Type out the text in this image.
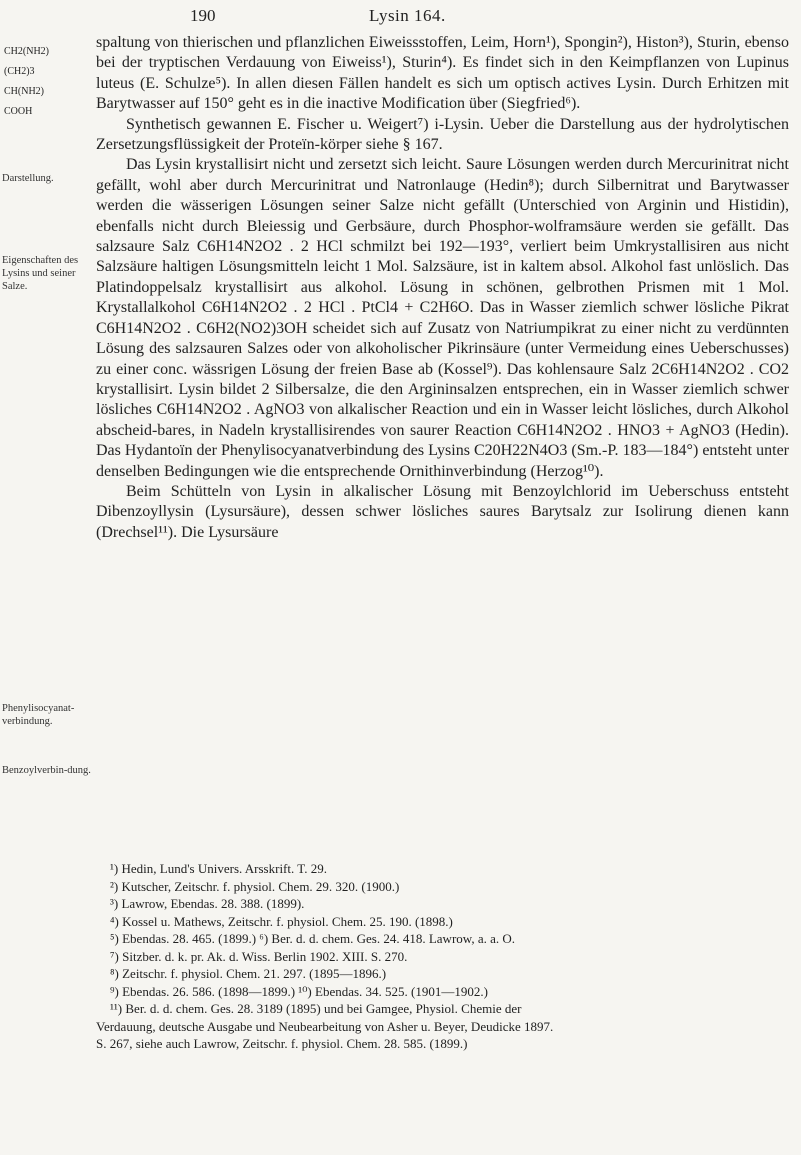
190	Lysin 164.
CH2(NH2)
(CH2)3
CH(NH2)
COOH
Darstellung.
Eigenschaften des Lysins und seiner Salze.
Phenylisocyanat-verbindung.
Benzoylverbin-dung.

spaltung von thierischen und pflanzlichen Eiweissstoffen, Leim, Horn¹), Spongin²), Histon³), Sturin, ebenso bei der tryptischen Verdauung von Eiweiss¹), Sturin⁴). Es findet sich in den Keimpflanzen von Lupinus luteus (E. Schulze⁵). In allen diesen Fällen handelt es sich um optisch actives Lysin. Durch Erhitzen mit Barytwasser auf 150° geht es in die inactive Modification über (Siegfried⁶).

Synthetisch gewannen E. Fischer u. Weigert⁷) i-Lysin. Ueber die Darstellung aus der hydrolytischen Zersetzungsflüssigkeit der Proteïn-körper siehe § 167.

Das Lysin krystallisirt nicht und zersetzt sich leicht. Saure Lösungen werden durch Mercurinitrat nicht gefällt, wohl aber durch Mercurinitrat und Natronlauge (Hedin⁸); durch Silbernitrat und Barytwasser werden die wässerigen Lösungen seiner Salze nicht gefällt (Unterschied von Arginin und Histidin), ebenfalls nicht durch Bleiessig und Gerbsäure, durch Phosphor-wolframsäure werden sie gefällt. Das salzsaure Salz C6H14N2O2 . 2 HCl schmilzt bei 192—193°, verliert beim Umkrystallisiren aus nicht Salzsäure haltigen Lösungsmitteln leicht 1 Mol. Salzsäure, ist in kaltem absol. Alkohol fast unlöslich. Das Platindoppelsalz krystallisirt aus alkohol. Lösung in schönen, gelbrothen Prismen mit 1 Mol. Krystallalkohol C6H14N2O2 . 2 HCl . PtCl4 + C2H6O. Das in Wasser ziemlich schwer lösliche Pikrat C6H14N2O2 . C6H2(NO2)3OH scheidet sich auf Zusatz von Natriumpikrat zu einer nicht zu verdünnten Lösung des salzsauren Salzes oder von alkoholischer Pikrinsäure (unter Vermeidung eines Ueberschusses) zu einer conc. wässrigen Lösung der freien Base ab (Kossel⁹). Das kohlensaure Salz 2C6H14N2O2 . CO2 krystallisirt. Lysin bildet 2 Silbersalze, die den Argininsalzen entsprechen, ein in Wasser ziemlich schwer lösliches C6H14N2O2 . AgNO3 von alkalischer Reaction und ein in Wasser leicht lösliches, durch Alkohol abscheid-bares, in Nadeln krystallisirendes von saurer Reaction C6H14N2O2 . HNO3 + AgNO3 (Hedin). Das Hydantoïn der Phenylisocyanatverbindung des Lysins C20H22N4O3 (Sm.-P. 183—184°) entsteht unter denselben Bedingungen wie die entsprechende Ornithinverbindung (Herzog¹⁰).

Beim Schütteln von Lysin in alkalischer Lösung mit Benzoylchlorid im Ueberschuss entsteht Dibenzoyllysin (Lysursäure), dessen schwer lösliches saures Barytsalz zur Isolirung dienen kann (Drechsel¹¹). Die Lysursäure

¹) Hedin, Lund's Univers. Arsskrift. T. 29.

²) Kutscher, Zeitschr. f. physiol. Chem. 29. 320. (1900.)

³) Lawrow, Ebendas. 28. 388. (1899).

⁴) Kossel u. Mathews, Zeitschr. f. physiol. Chem. 25. 190. (1898.)

⁵) Ebendas. 28. 465. (1899.) ⁶) Ber. d. d. chem. Ges. 24. 418. Lawrow, a. a. O.

⁷) Sitzber. d. k. pr. Ak. d. Wiss. Berlin 1902. XIII. S. 270.

⁸) Zeitschr. f. physiol. Chem. 21. 297. (1895—1896.)

⁹) Ebendas. 26. 586. (1898—1899.) ¹⁰) Ebendas. 34. 525. (1901—1902.)

¹¹) Ber. d. d. chem. Ges. 28. 3189 (1895) und bei Gamgee, Physiol. Chemie der

Verdauung, deutsche Ausgabe und Neubearbeitung von Asher u. Beyer, Deudicke 1897.

S. 267, siehe auch Lawrow, Zeitschr. f. physiol. Chem. 28. 585. (1899.)
